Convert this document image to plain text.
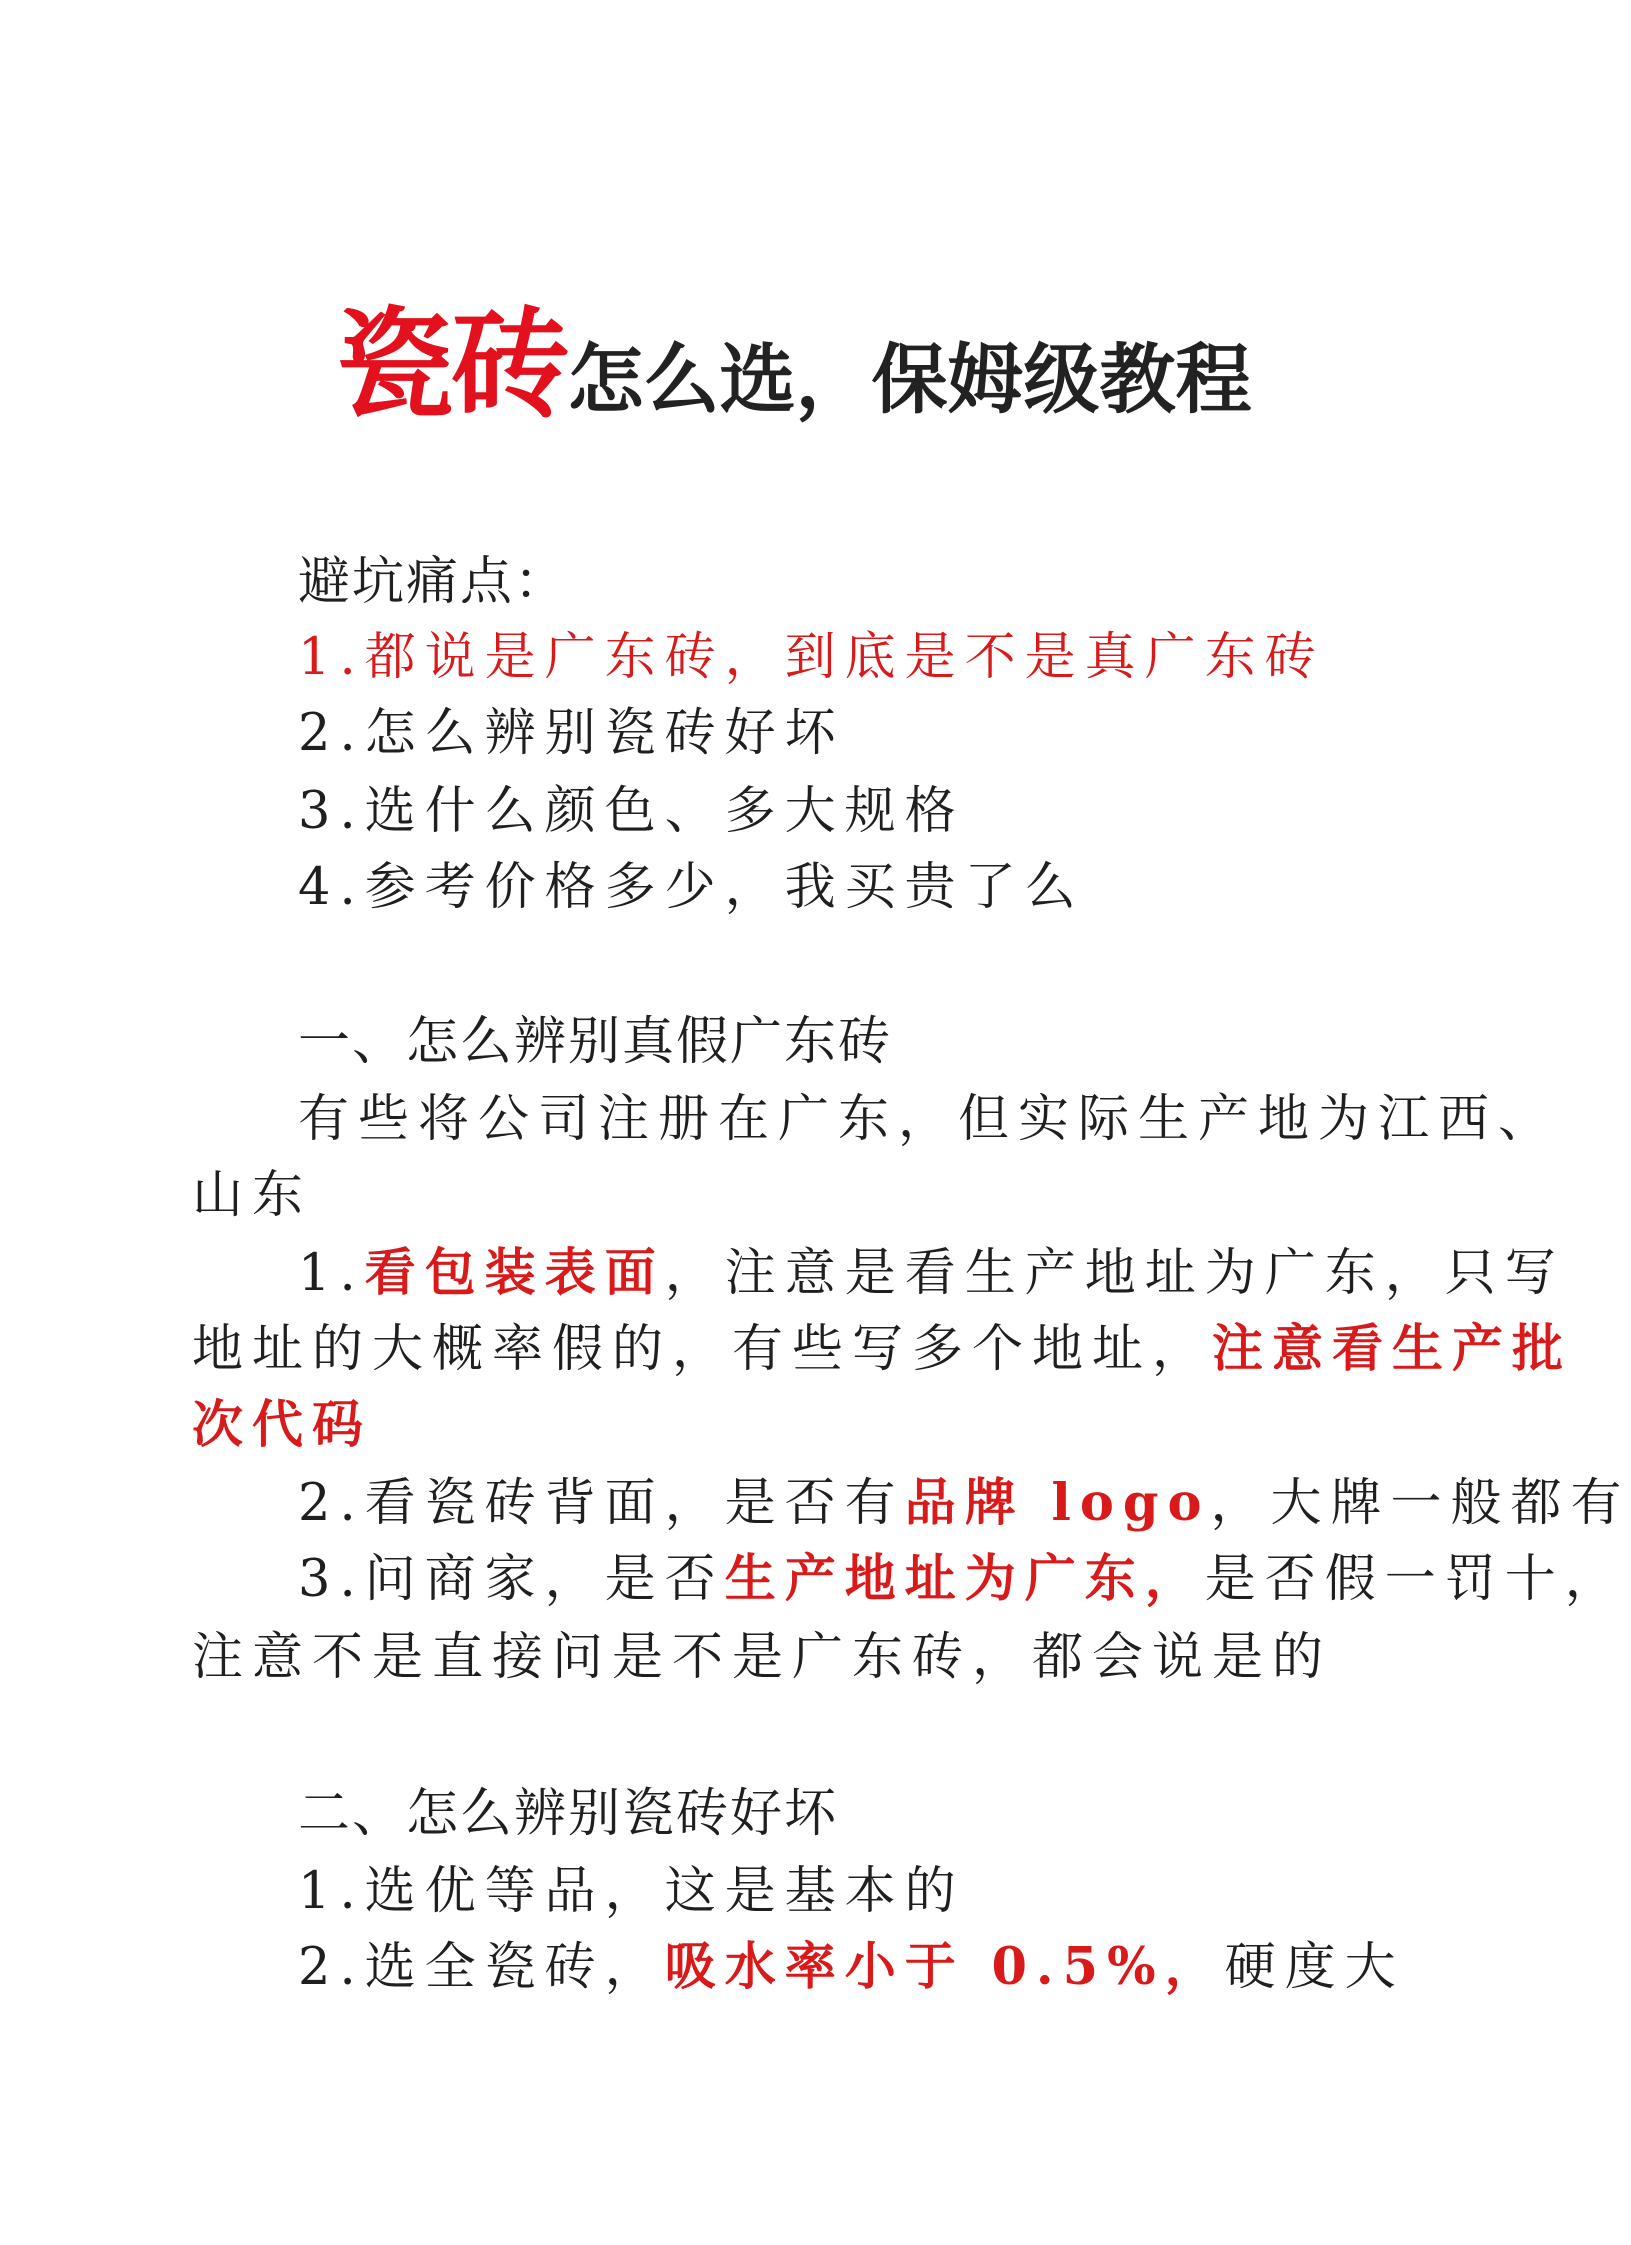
瓷砖怎么选，保姆级教程
避坑痛点：
1.都说是广东砖，到底是不是真广东砖
2.怎么辨别瓷砖好坏
3.选什么颜色、多大规格
4.参考价格多少，我买贵了么
一、怎么辨别真假广东砖
有些将公司注册在广东，但实际生产地为江西、
山东
1.看包装表面，注意是看生产地址为广东，只写
地址的大概率假的，有些写多个地址，注意看生产批
次代码
2.看瓷砖背面，是否有品牌 logo，大牌一般都有
3.问商家，是否生产地址为广东，是否假一罚十，
注意不是直接问是不是广东砖，都会说是的
二、怎么辨别瓷砖好坏
1.选优等品，这是基本的
2.选全瓷砖，吸水率小于 0.5%，硬度大
